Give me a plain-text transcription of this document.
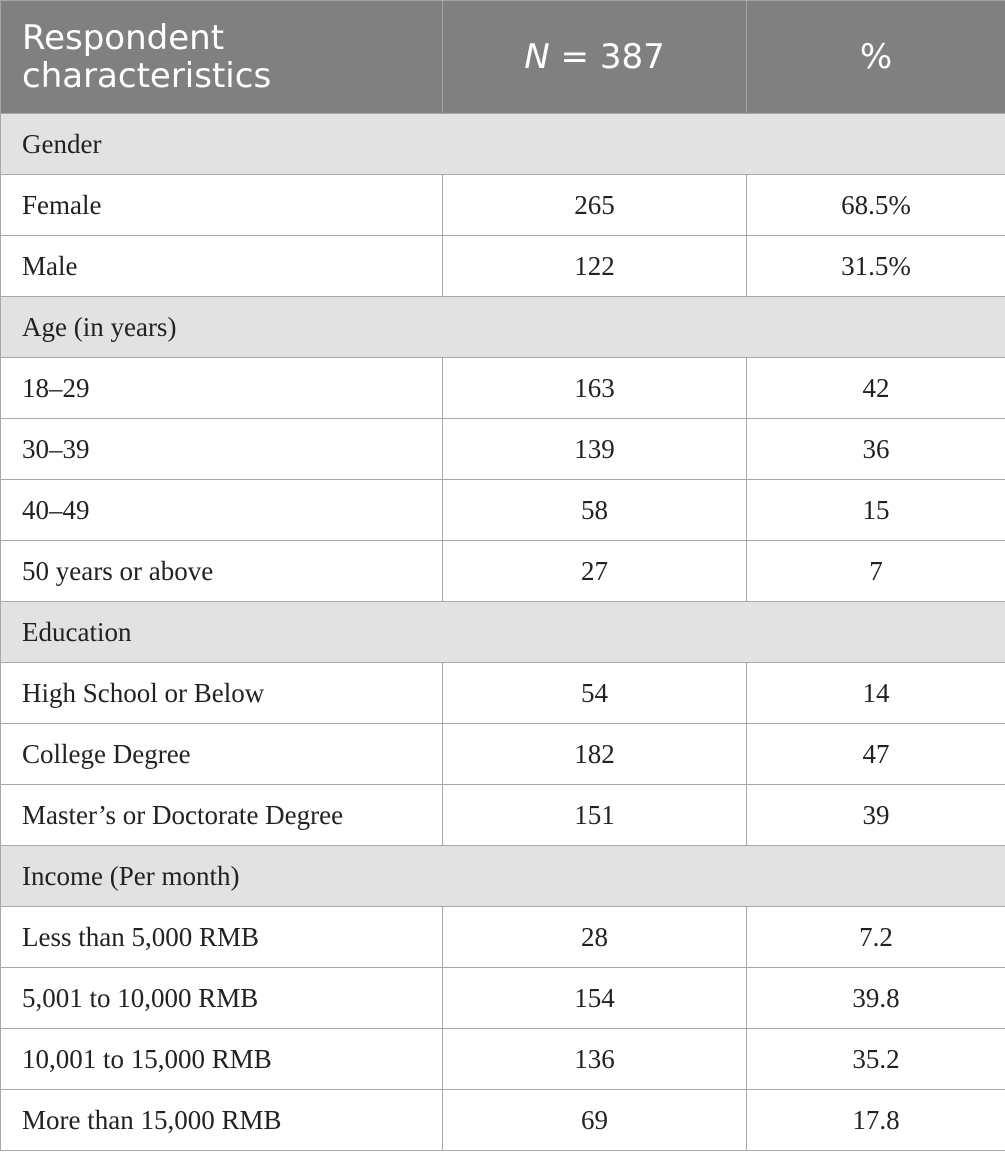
Respondent characteristics	N = 387	%
Gender		
Female	265	68.5%
Male	122	31.5%
Age (in years)		
18–29	163	42
30–39	139	36
40–49	58	15
50 years or above	27	7
Education		
High School or Below	54	14
College Degree	182	47
Master’s or Doctorate Degree	151	39
Income (Per month)		
Less than 5,000 RMB	28	7.2
5,001 to 10,000 RMB	154	39.8
10,001 to 15,000 RMB	136	35.2
More than 15,000 RMB	69	17.8
